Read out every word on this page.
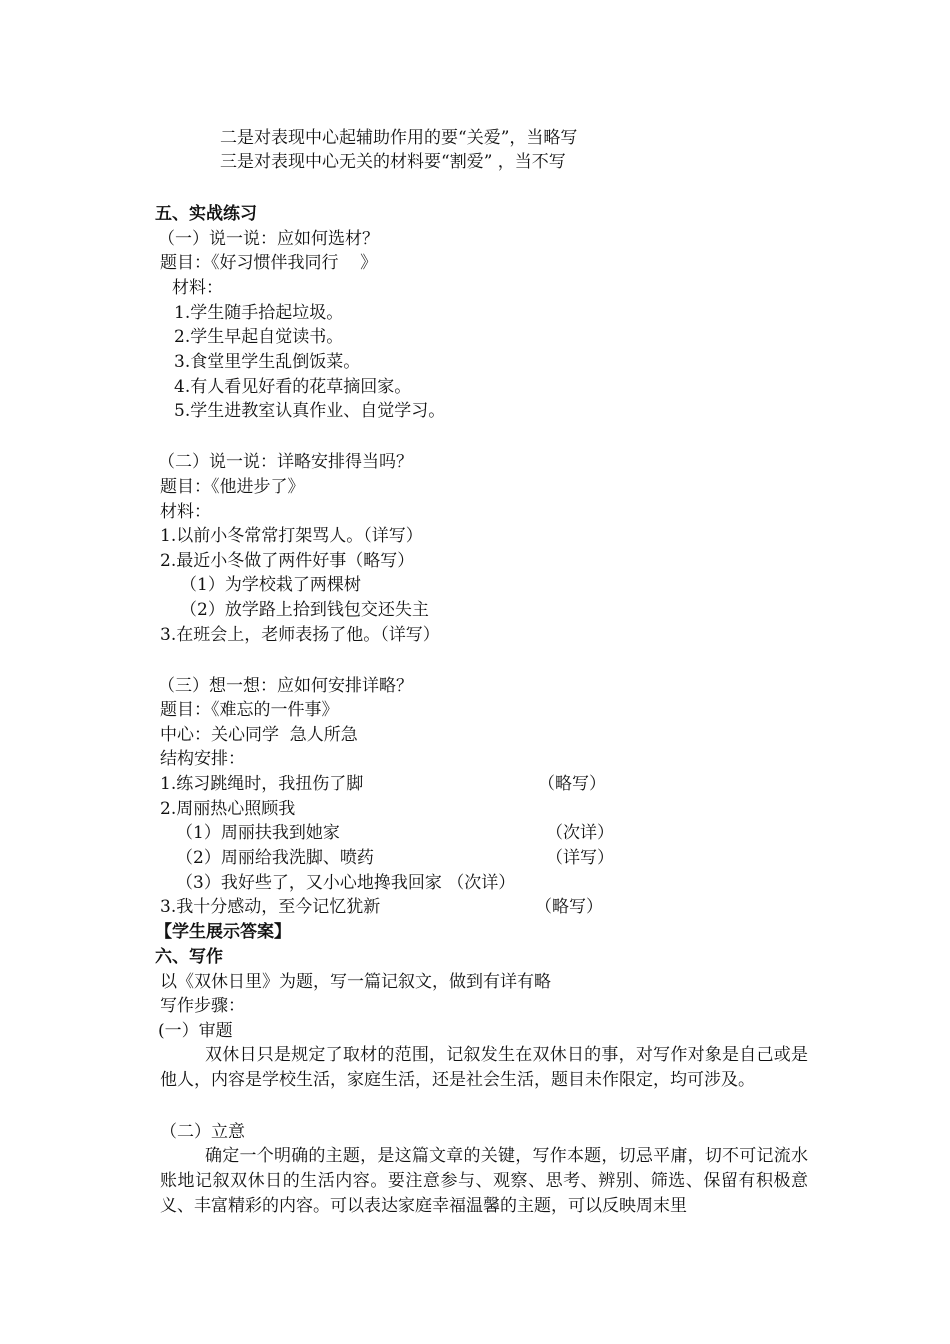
二是对表现中心起辅助作用的要“关爱”，当略写
三是对表现中心无关的材料要“割爱” ，当不写
五、实战练习
（一）说一说：应如何选材？
题目：《好习惯伴我同行    》
材料：
1.学生随手拾起垃圾。
2.学生早起自觉读书。
3.食堂里学生乱倒饭菜。
4.有人看见好看的花草摘回家。
5.学生进教室认真作业、自觉学习。
（二）说一说：详略安排得当吗？
题目：《他进步了》
材料：
1.以前小冬常常打架骂人。（详写）
2.最近小冬做了两件好事（略写）
（1）为学校栽了两棵树
（2）放学路上拾到钱包交还失主
3.在班会上，老师表扬了他。（详写）
（三）想一想：应如何安排详略？
题目：《难忘的一件事》
中心：关心同学  急人所急
结构安排：
1.练习跳绳时，我扭伤了脚	（略写）
2.周丽热心照顾我
（1）周丽扶我到她家	（次详）
（2）周丽给我洗脚、喷药	（详写）
（3）我好些了，又小心地搀我回家 （次详）
3.我十分感动，至今记忆犹新	（略写）
【学生展示答案】
六、写作
以《双休日里》为题，写一篇记叙文，做到有详有略
写作步骤：
(一）审题
双休日只是规定了取材的范围，记叙发生在双休日的事，对写作对象是自己或是他人，内容是学校生活，家庭生活，还是社会生活，题目未作限定，均可涉及。
（二）立意
确定一个明确的主题，是这篇文章的关键，写作本题，切忌平庸，切不可记流水账地记叙双休日的生活内容。要注意参与、观察、思考、辨别、筛选、保留有积极意义、丰富精彩的内容。可以表达家庭幸福温馨的主题，可以反映周末里
